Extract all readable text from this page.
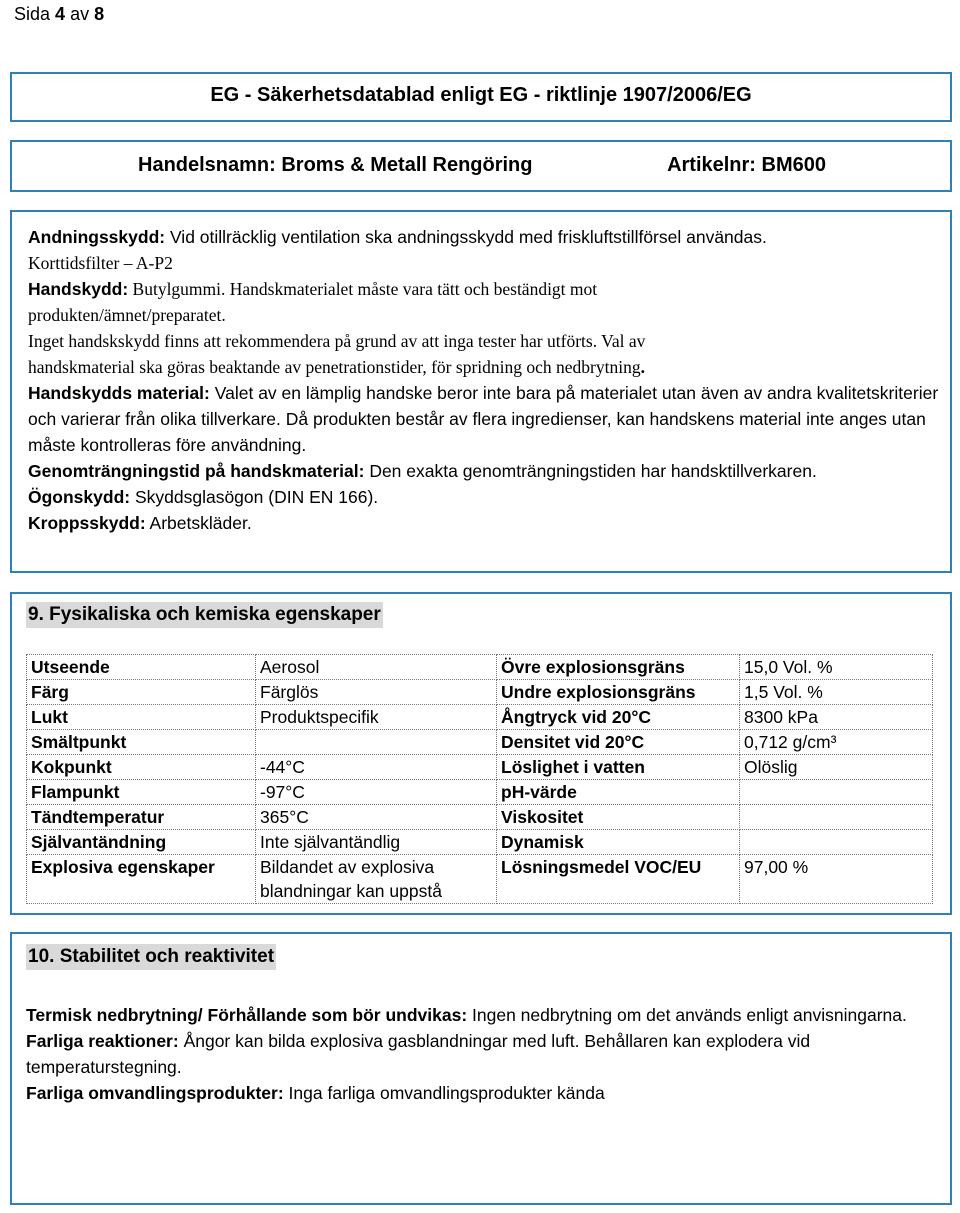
Sida 4 av 8
EG - Säkerhetsdatablad enligt EG - riktlinje 1907/2006/EG
Handelsnamn: Broms & Metall Rengöring	Artikelnr: BM600

Andningsskydd: Vid otillräcklig ventilation ska andningsskydd med friskluftstillförsel användas.

Korttidsfilter – A-P2

Handskydd: Butylgummi. Handskmaterialet måste vara tätt och beständigt mot

produkten/ämnet/preparatet.

Inget handskskydd finns att rekommendera på grund av att inga tester har utförts. Val av

handskmaterial ska göras beaktande av penetrationstider, för spridning och nedbrytning.

Handskydds material: Valet av en lämplig handske beror inte bara på materialet utan även av andra kvalitetskriterier och varierar från olika tillverkare. Då produkten består av flera ingredienser, kan handskens material inte anges utan måste kontrolleras före användning.

Genomträngningstid på handskmaterial: Den exakta genomträngningstiden har handsktillverkaren.

Ögonskydd: Skyddsglasögon (DIN EN 166).

Kroppsskydd: Arbetskläder.

9. Fysikaliska och kemiska egenskaper
Utseende	Aerosol	Övre explosionsgräns	15,0 Vol. %
Färg	Färglös	Undre explosionsgräns	1,5 Vol. %
Lukt	Produktspecifik	Ångtryck vid 20°C	8300 kPa
Smältpunkt		Densitet vid 20°C	0,712 g/cm³
Kokpunkt	-44°C	Löslighet i vatten	Olöslig
Flampunkt	-97°C	pH-värde	
Tändtemperatur	365°C	Viskositet	
Självantändning	Inte självantändlig	Dynamisk	
Explosiva egenskaper	Bildandet av explosiva blandningar kan uppstå	Lösningsmedel VOC/EU	97,00 %
10. Stabilitet och reaktivitet

Termisk nedbrytning/ Förhållande som bör undvikas: Ingen nedbrytning om det används enligt anvisningarna.

Farliga reaktioner: Ångor kan bilda explosiva gasblandningar med luft. Behållaren kan explodera vid temperaturstegning.

Farliga omvandlingsprodukter: Inga farliga omvandlingsprodukter kända
